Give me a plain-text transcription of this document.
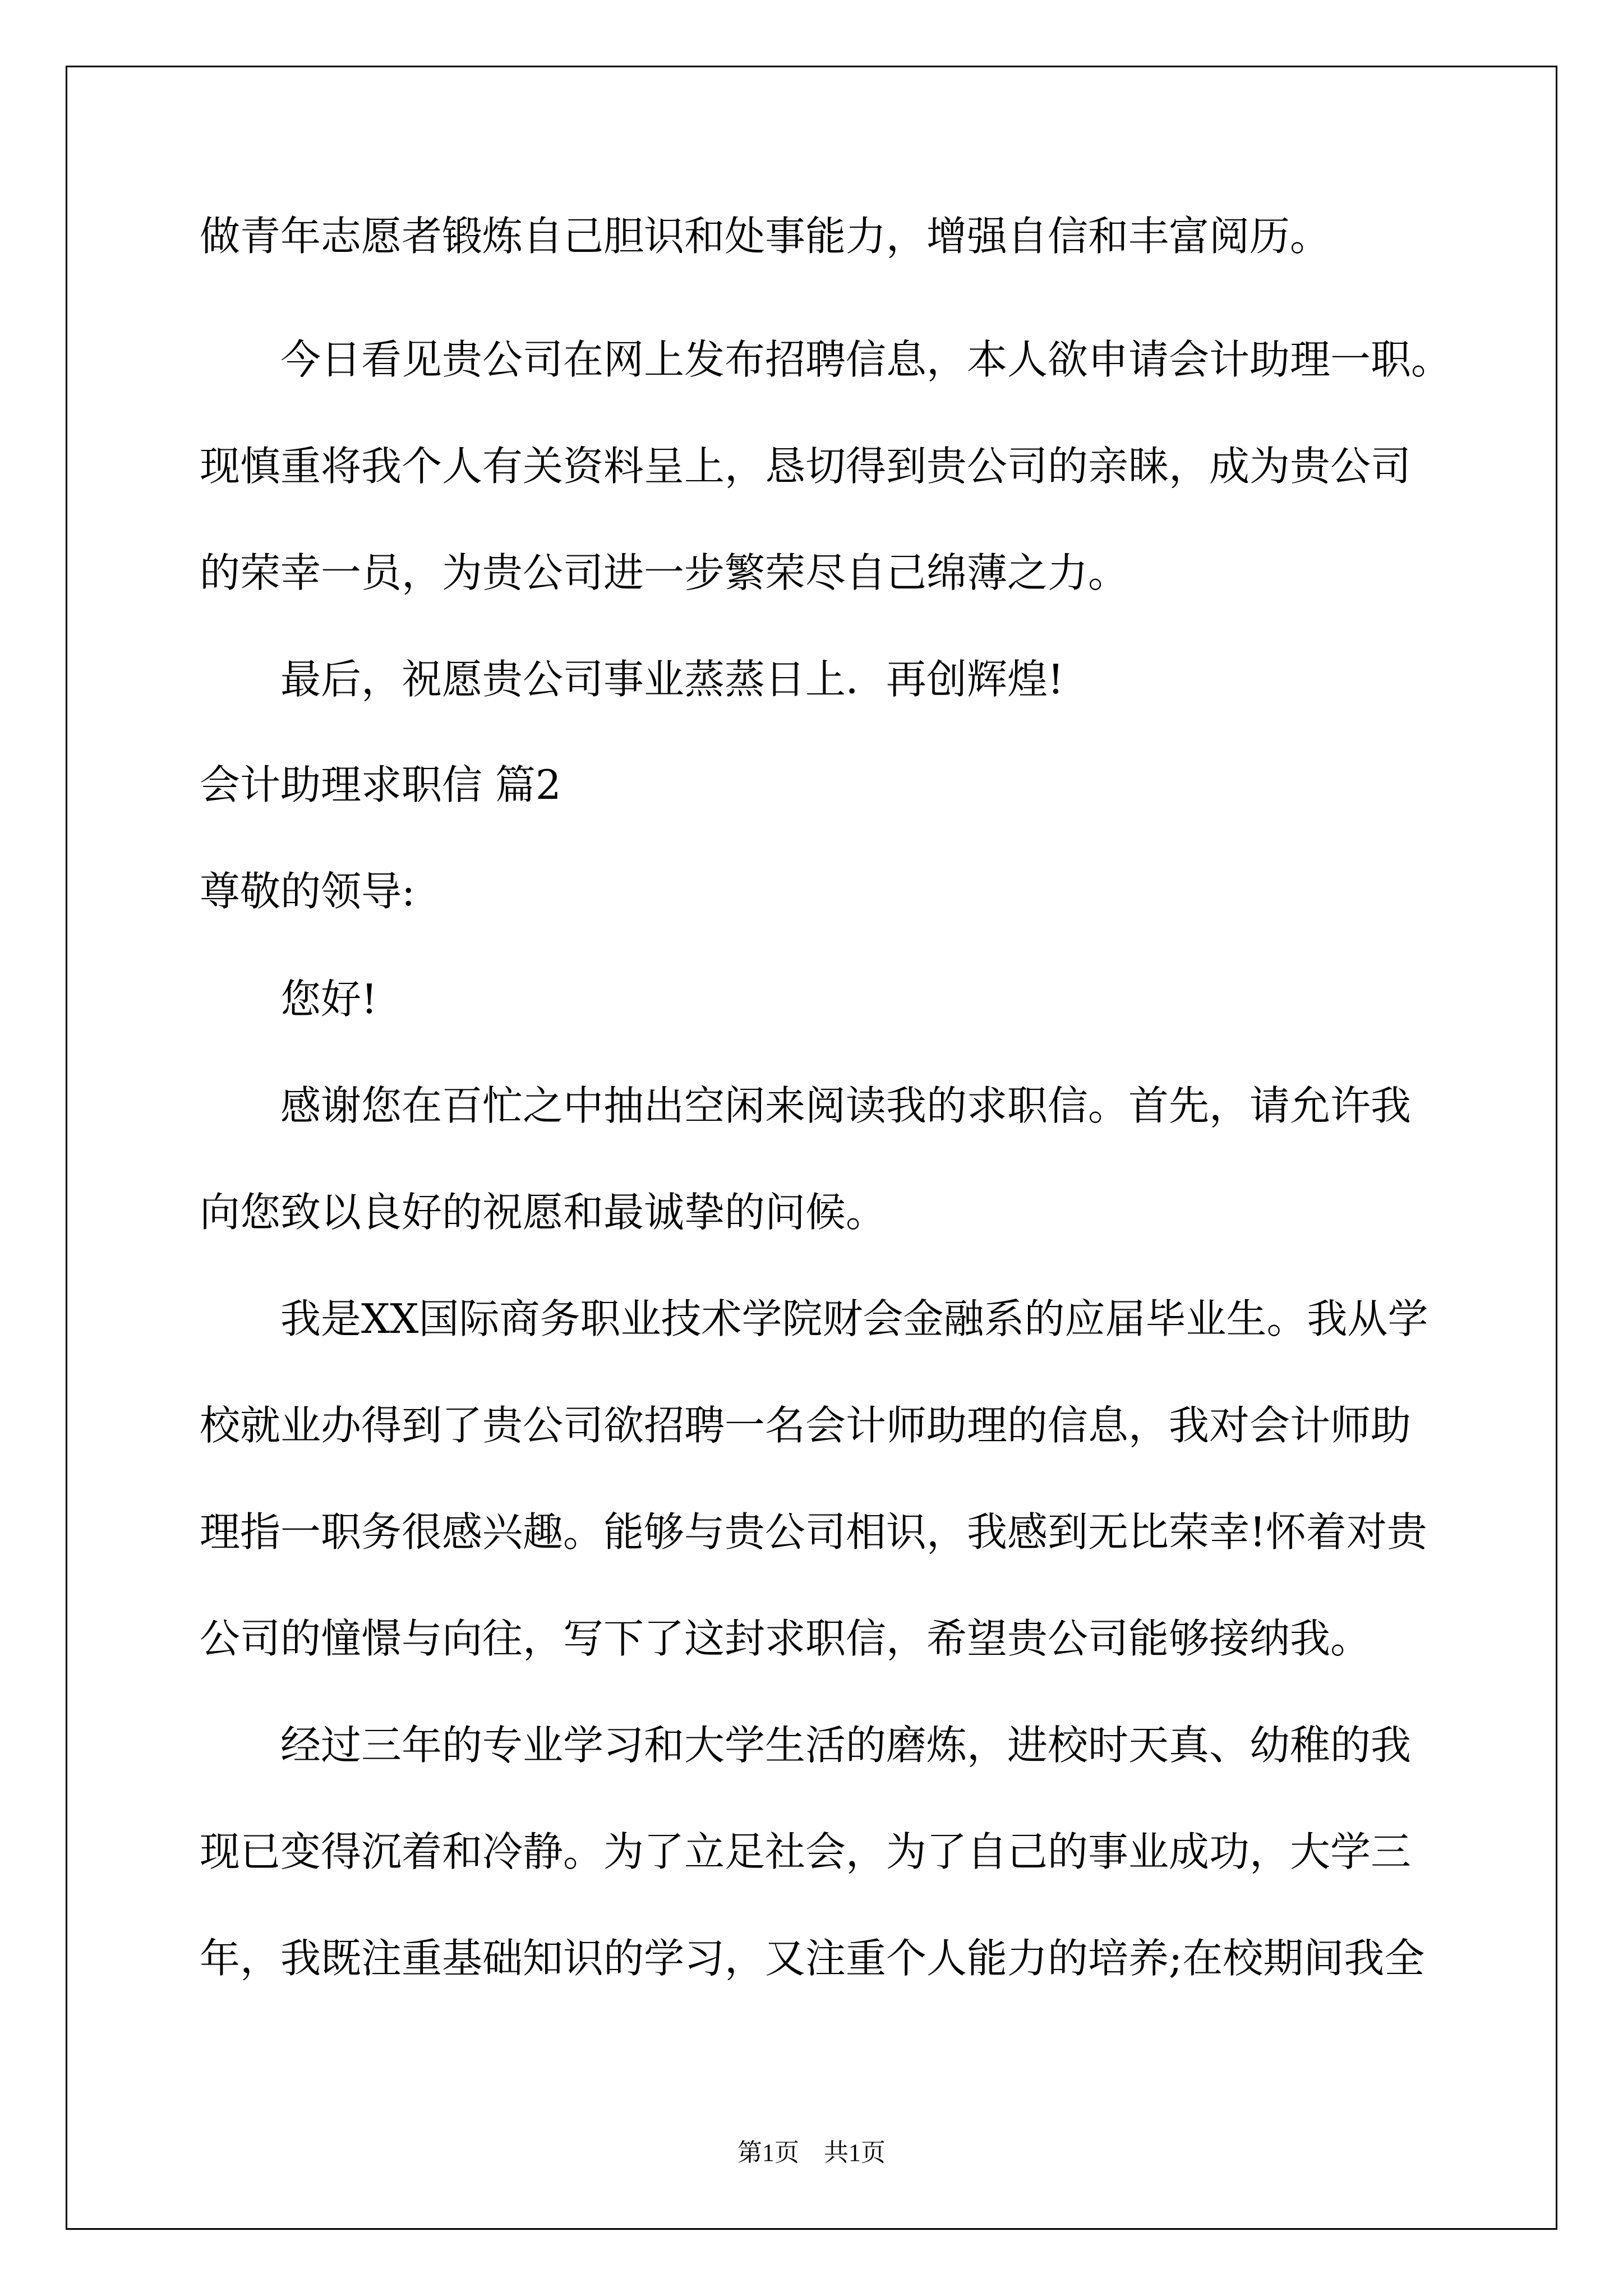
做青年志愿者锻炼自己胆识和处事能力，增强自信和丰富阅历。
　　今日看见贵公司在网上发布招聘信息，本人欲申请会计助理一职。
现慎重将我个人有关资料呈上，恳切得到贵公司的亲睐，成为贵公司
的荣幸一员，为贵公司进一步繁荣尽自己绵薄之力。
　　最后，祝愿贵公司事业蒸蒸日上．再创辉煌!
会计助理求职信 篇2
尊敬的领导:
　　您好!
　　感谢您在百忙之中抽出空闲来阅读我的求职信。首先，请允许我
向您致以良好的祝愿和最诚挚的问候。
　　我是XX国际商务职业技术学院财会金融系的应届毕业生。我从学
校就业办得到了贵公司欲招聘一名会计师助理的信息，我对会计师助
理指一职务很感兴趣。能够与贵公司相识，我感到无比荣幸!怀着对贵
公司的憧憬与向往，写下了这封求职信，希望贵公司能够接纳我。
　　经过三年的专业学习和大学生活的磨炼，进校时天真、幼稚的我
现已变得沉着和冷静。为了立足社会，为了自己的事业成功，大学三
年，我既注重基础知识的学习，又注重个人能力的培养;在校期间我全
第1页　共1页
